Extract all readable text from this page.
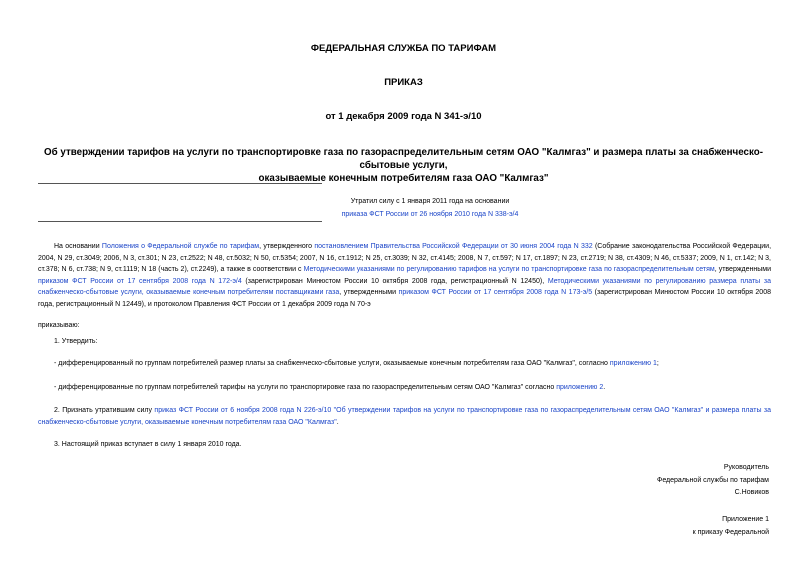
ФЕДЕРАЛЬНАЯ СЛУЖБА ПО ТАРИФАМ
ПРИКАЗ
от 1 декабря 2009 года N 341-э/10
Об утверждении тарифов на услуги по транспортировке газа по газораспределительным сетям ОАО "Калмгаз" и размера платы за снабженческо-сбытовые услуги,
оказываемые конечным потребителям газа ОАО "Калмгаз"
Утратил силу с 1 января 2011 года на основании
приказа ФСТ России от 26 ноября 2010 года N 338-э/4

На основании Положения о Федеральной службе по тарифам, утвержденного постановлением Правительства Российской Федерации от 30 июня 2004 года N 332 (Собрание законодательства Российской Федерации, 2004, N 29, ст.3049; 2006, N 3, ст.301; N 23, ст.2522; N 48, ст.5032; N 50, ст.5354; 2007, N 16, ст.1912; N 25, ст.3039; N 32, ст.4145; 2008, N 7, ст.597; N 17, ст.1897; N 23, ст.2719; N 38, ст.4309; N 46, ст.5337; 2009, N 1, ст.142; N 3, ст.378; N 6, ст.738; N 9, ст.1119; N 18 (часть 2), ст.2249), а также в соответствии с Методическими указаниями по регулированию тарифов на услуги по транспортировке газа по газораспределительным сетям, утвержденными приказом ФСТ России от 17 сентября 2008 года N 172-э/4 (зарегистрирован Минюстом России 10 октября 2008 года, регистрационный N 12450), Методическими указаниями по регулированию размера платы за снабженческо-сбытовые услуги, оказываемые конечным потребителям поставщиками газа, утвержденными приказом ФСТ России от 17 сентября 2008 года N 173-э/5 (зарегистрирован Минюстом России 10 октября 2008 года, регистрационный N 12449), и протоколом Правления ФСТ России от 1 декабря 2009 года N 70-э

приказываю:

1. Утвердить:

- дифференцированный по группам потребителей размер платы за снабженческо-сбытовые услуги, оказываемые конечным потребителям газа ОАО "Калмгаз", согласно приложению 1;

- дифференцированные по группам потребителей тарифы на услуги по транспортировке газа по газораспределительным сетям ОАО "Калмгаз" согласно приложению 2.

2. Признать утратившим силу приказ ФСТ России от 6 ноября 2008 года N 226-э/10 "Об утверждении тарифов на услуги по транспортировке газа по газораспределительным сетям ОАО "Калмгаз" и размера платы за снабженческо-сбытовые услуги, оказываемые конечным потребителям газа ОАО "Калмгаз".

3. Настоящий приказ вступает в силу 1 января 2010 года.

Руководитель
Федеральной службы по тарифам
С.Новиков
Приложение 1
к приказу Федеральной
